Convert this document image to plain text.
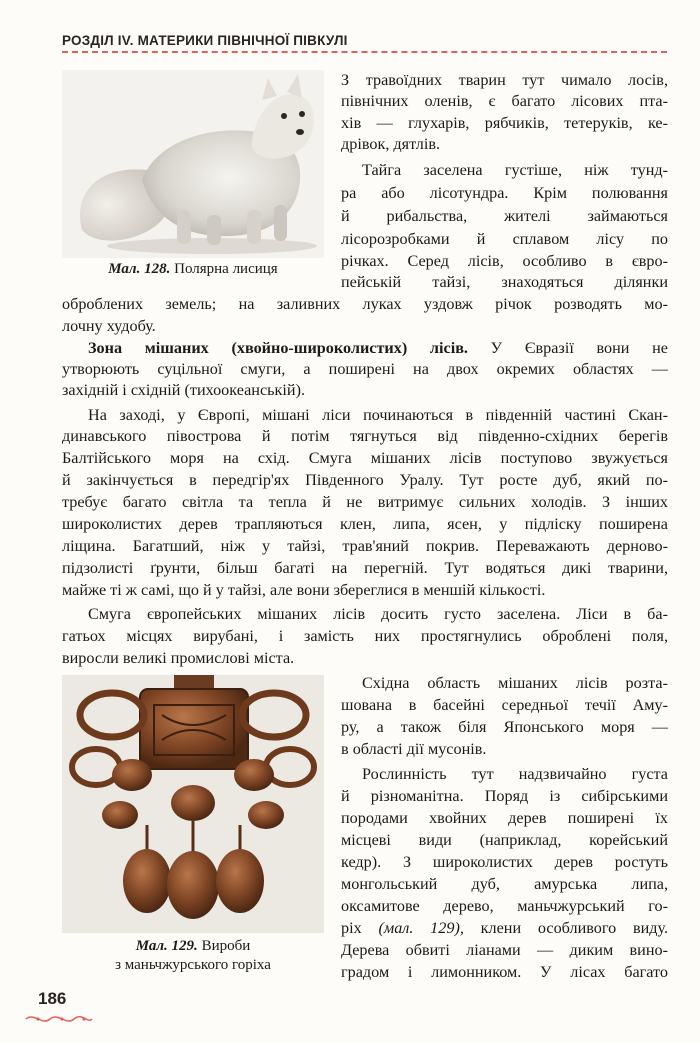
РОЗДІЛ IV. МАТЕРИКИ ПІВНІЧНОЇ ПІВКУЛІ
Мал. 128. Полярна лисиця
Мал. 129. Вироби
з маньчжурського горіха
З травоїдних тварин тут чимало лосів,
північних оленів, є багато лісових пта-
хів — глухарів, рябчиків, тетеруків, ке-
дрівок, дятлів.
Тайга заселена густіше, ніж тунд-
ра або лісотундра. Крім полювання
й рибальства, жителі займаються
лісорозробками й сплавом лісу по
річках. Серед лісів, особливо в євро-
пейській тайзі, знаходяться ділянки
оброблених земель; на заливних луках уздовж річок розводять мо-
лочну худобу.
Зона мішаних (хвойно-широколистих) лісів. У Євразії вони не
утворюють суцільної смуги, а поширені на двох окремих областях —
західній і східній (тихоокеанській).
На заході, у Європі, мішані ліси починаються в південній частині Скан-
динавського півострова й потім тягнуться від південно-східних берегів
Балтійського моря на схід. Смуга мішаних лісів поступово звужується
й закінчується в передгір'ях Південного Уралу. Тут росте дуб, який по-
требує багато світла та тепла й не витримує сильних холодів. З інших
широколистих дерев трапляються клен, липа, ясен, у підліску поширена
ліщина. Багатший, ніж у тайзі, трав'яний покрив. Переважають дерново-
підзолисті ґрунти, більш багаті на перегній. Тут водяться дикі тварини,
майже ті ж самі, що й у тайзі, але вони збереглися в меншій кількості.
Смуга європейських мішаних лісів досить густо заселена. Ліси в ба-
гатьох місцях вирубані, і замість них простягнулись оброблені поля,
виросли великі промислові міста.
Східна область мішаних лісів розта-
шована в басейні середньої течії Аму-
ру, а також біля Японського моря —
в області дії мусонів.
Рослинність тут надзвичайно густа
й різноманітна. Поряд із сибірськими
породами хвойних дерев поширені їх
місцеві види (наприклад, корейський
кедр). З широколистих дерев ростуть
монгольський дуб, амурська липа,
оксамитове дерево, маньчжурський го-
ріх (мал. 129), клени особливого виду.
Дерева обвиті ліанами — диким вино-
градом і лимонником. У лісах багато
186
